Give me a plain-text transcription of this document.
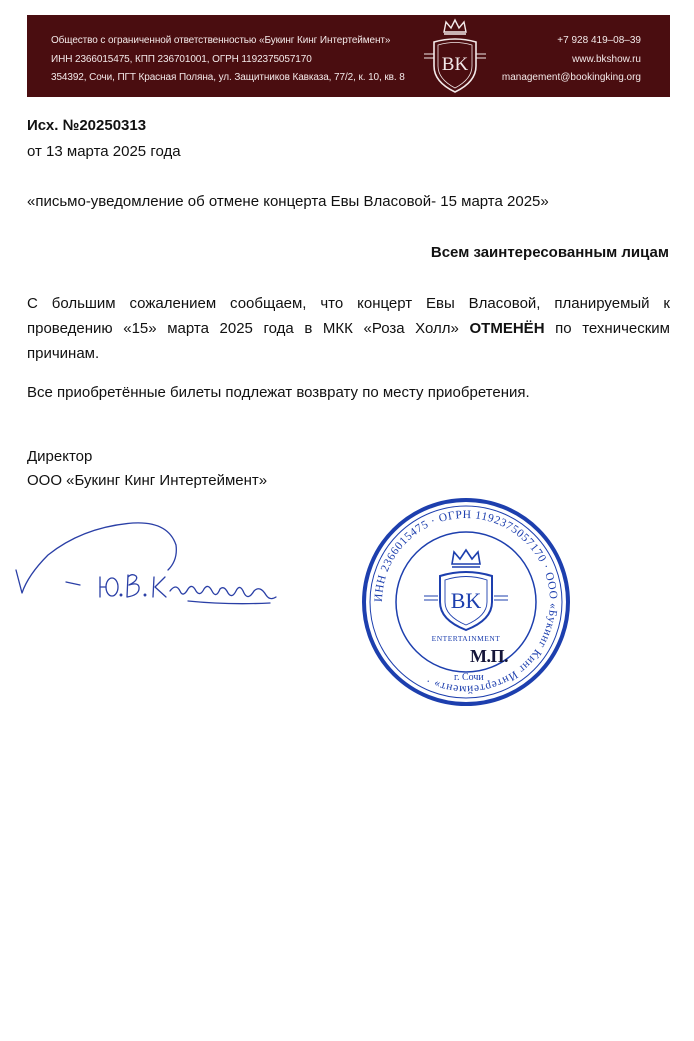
Общество с ограниченной ответственностью «Букинг Кинг Интертеймент»
ИНН 2366015475, КПП 236701001, ОГРН 1192375057170
354392, Сочи, ПГТ Красная Поляна, ул. Защитников Кавказа, 77/2, к. 10, кв. 8
BK
+7 928 419–08–39
www.bkshow.ru
management@bookingking.org
Исх. №20250313
от 13 марта 2025 года
«письмо-уведомление об отмене концерта Евы Власовой- 15 марта 2025»
Всем заинтересованным лицам
С большим сожалением сообщаем, что концерт Евы Власовой, планируемый к проведению «15» марта 2025 года в МКК «Роза Холл» ОТМЕНЁН по техническим причинам.
Все приобретённые билеты подлежат возврату по месту приобретения.
Директор
ООО «Букинг Кинг Интертеймент»
ИНН 2366015475 · ОГРН 1192375057170 · ООО «Букинг Кинг Интертеймент» ·
BK
ENTERTAINMENT
М.П.
г. Сочи
